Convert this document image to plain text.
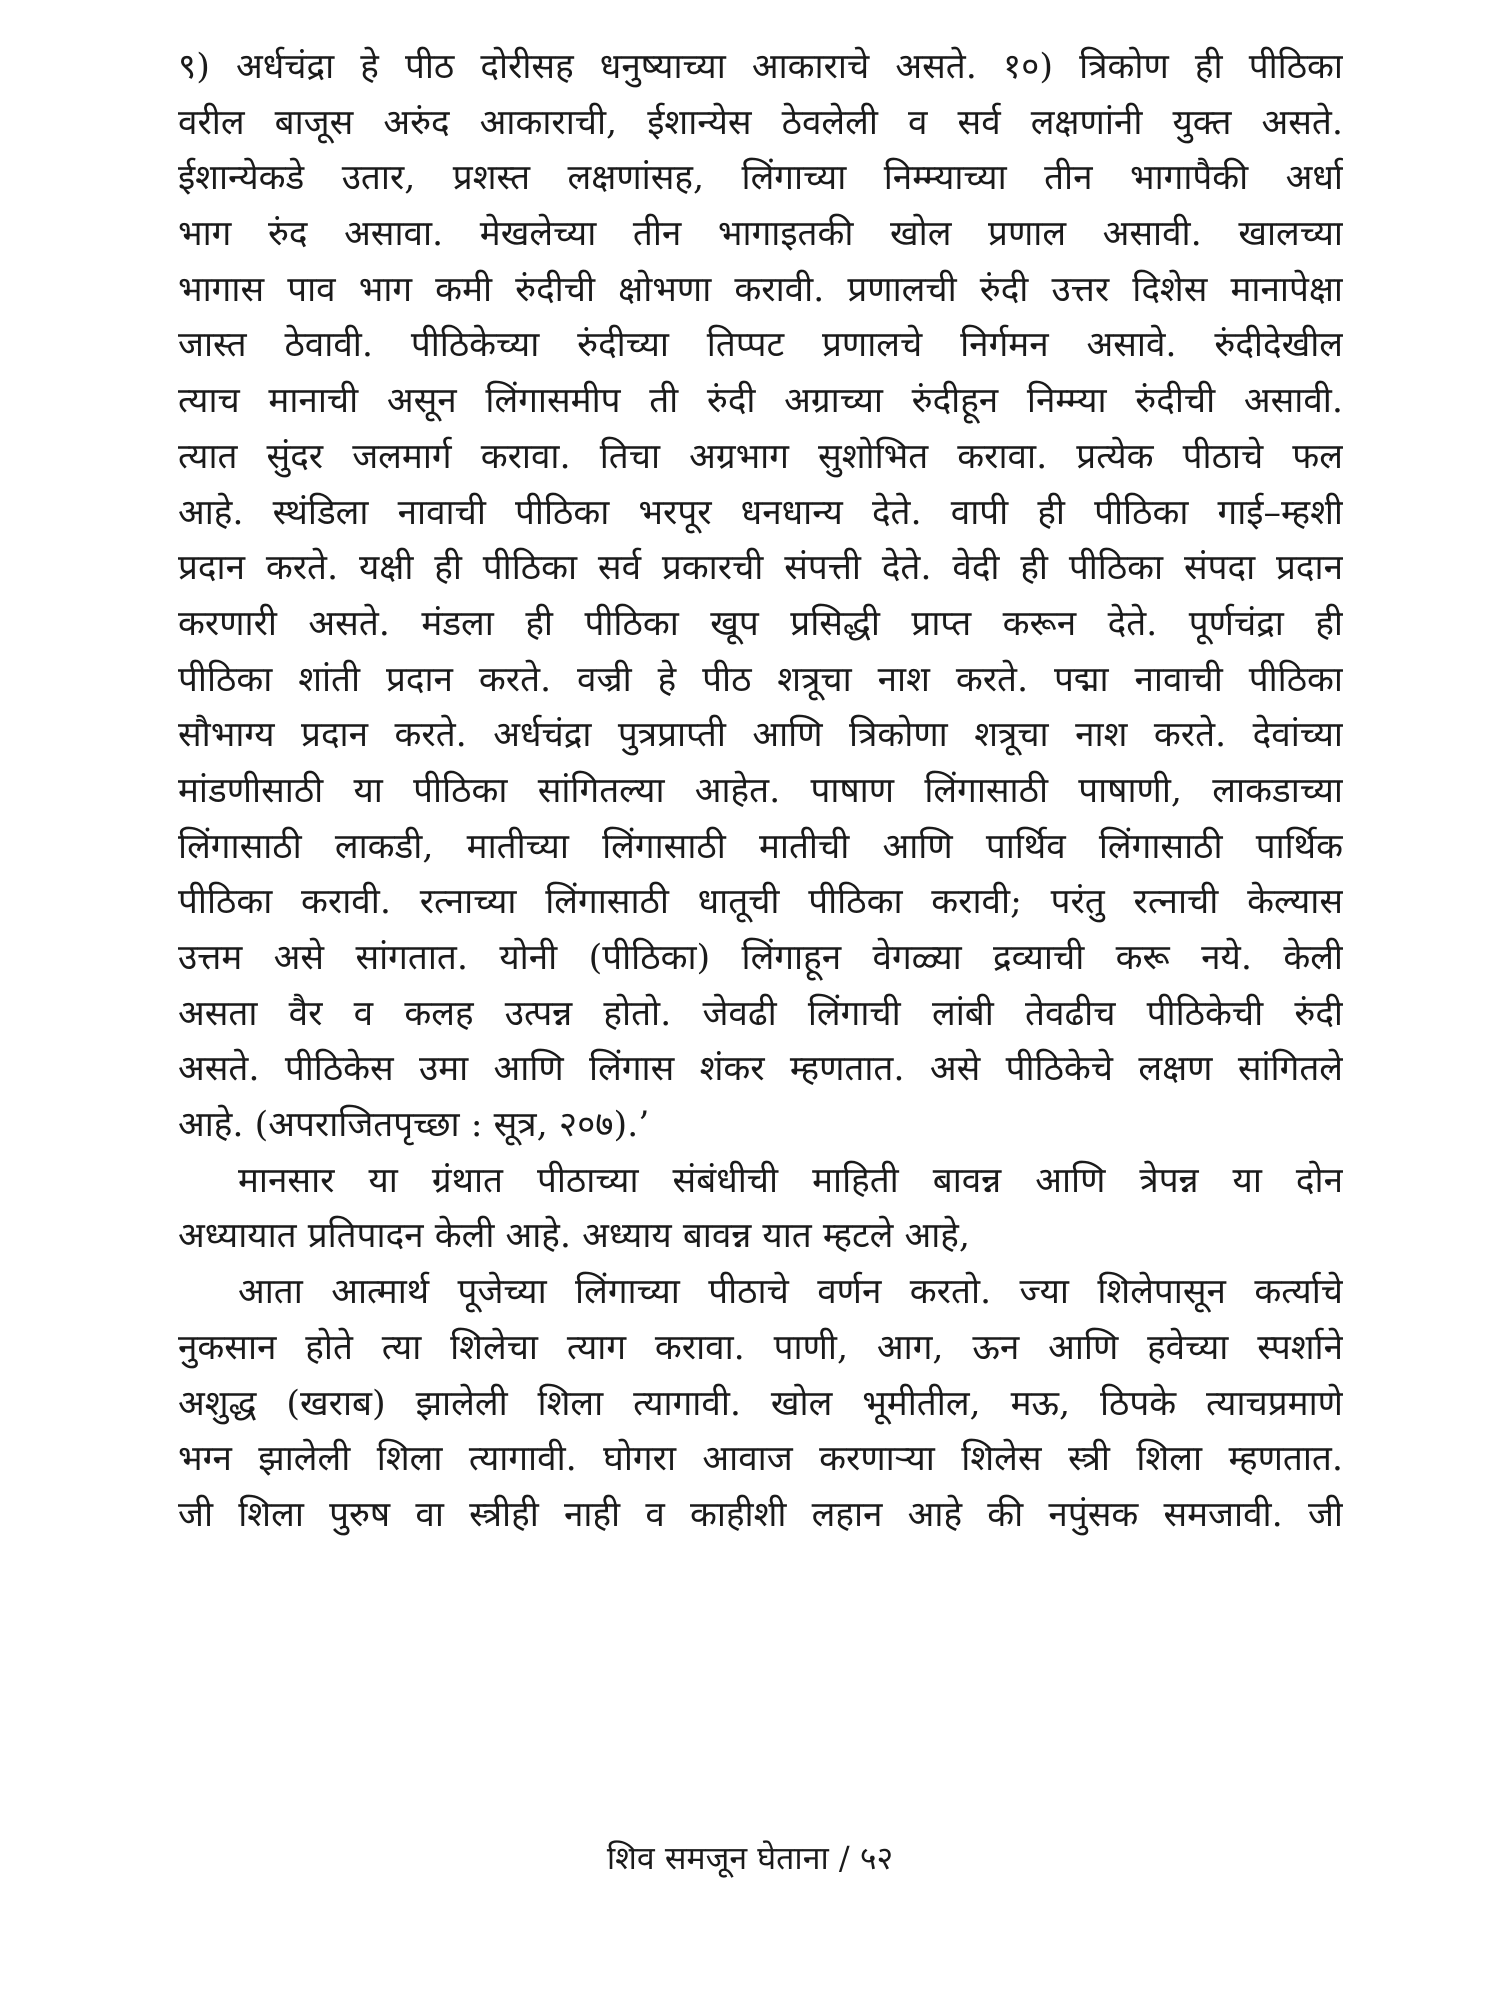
९) अर्धचंद्रा हे पीठ दोरीसह धनुष्याच्या आकाराचे असते. १०) त्रिकोण ही पीठिका
वरील बाजूस अरुंद आकाराची, ईशान्येस ठेवलेली व सर्व लक्षणांनी युक्त असते.
ईशान्येकडे उतार, प्रशस्त लक्षणांसह, लिंगाच्या निम्म्याच्या तीन भागापैकी अर्धा
भाग रुंद असावा. मेखलेच्या तीन भागाइतकी खोल प्रणाल असावी. खालच्या
भागास पाव भाग कमी रुंदीची क्षोभणा करावी. प्रणालची रुंदी उत्तर दिशेस मानापेक्षा
जास्त ठेवावी. पीठिकेच्या रुंदीच्या तिप्पट प्रणालचे निर्गमन असावे. रुंदीदेखील
त्याच मानाची असून लिंगासमीप ती रुंदी अग्राच्या रुंदीहून निम्म्या रुंदीची असावी.
त्यात सुंदर जलमार्ग करावा. तिचा अग्रभाग सुशोभित करावा. प्रत्येक पीठाचे फल
आहे. स्थंडिला नावाची पीठिका भरपूर धनधान्य देते. वापी ही पीठिका गाई–म्हशी
प्रदान करते. यक्षी ही पीठिका सर्व प्रकारची संपत्ती देते. वेदी ही पीठिका संपदा प्रदान
करणारी असते. मंडला ही पीठिका खूप प्रसिद्धी प्राप्त करून देते. पूर्णचंद्रा ही
पीठिका शांती प्रदान करते. वज्री हे पीठ शत्रूचा नाश करते. पद्मा नावाची पीठिका
सौभाग्य प्रदान करते. अर्धचंद्रा पुत्रप्राप्ती आणि त्रिकोणा शत्रूचा नाश करते. देवांच्या
मांडणीसाठी या पीठिका सांगितल्या आहेत. पाषाण लिंगासाठी पाषाणी, लाकडाच्या
लिंगासाठी लाकडी, मातीच्या लिंगासाठी मातीची आणि पार्थिव लिंगासाठी पार्थिक
पीठिका करावी. रत्नाच्या लिंगासाठी धातूची पीठिका करावी; परंतु रत्नाची केल्यास
उत्तम असे सांगतात. योनी (पीठिका) लिंगाहून वेगळ्या द्रव्याची करू नये. केली
असता वैर व कलह उत्पन्न होतो. जेवढी लिंगाची लांबी तेवढीच पीठिकेची रुंदी
असते. पीठिकेस उमा आणि लिंगास शंकर म्हणतात. असे पीठिकेचे लक्षण सांगितले
आहे. (अपराजितपृच्छा : सूत्र, २०७).’
मानसार या ग्रंथात पीठाच्या संबंधीची माहिती बावन्न आणि त्रेपन्न या दोन
अध्यायात प्रतिपादन केली आहे. अध्याय बावन्न यात म्हटले आहे,
आता आत्मार्थ पूजेच्या लिंगाच्या पीठाचे वर्णन करतो. ज्या शिलेपासून कर्त्याचे
नुकसान होते त्या शिलेचा त्याग करावा. पाणी, आग, ऊन आणि हवेच्या स्पर्शाने
अशुद्ध (खराब) झालेली शिला त्यागावी. खोल भूमीतील, मऊ, ठिपके त्याचप्रमाणे
भग्न झालेली शिला त्यागावी. घोगरा आवाज करणाऱ्या शिलेस स्त्री शिला म्हणतात.
जी शिला पुरुष वा स्त्रीही नाही व काहीशी लहान आहे की नपुंसक समजावी. जी
शिव समजून घेताना / ५२
